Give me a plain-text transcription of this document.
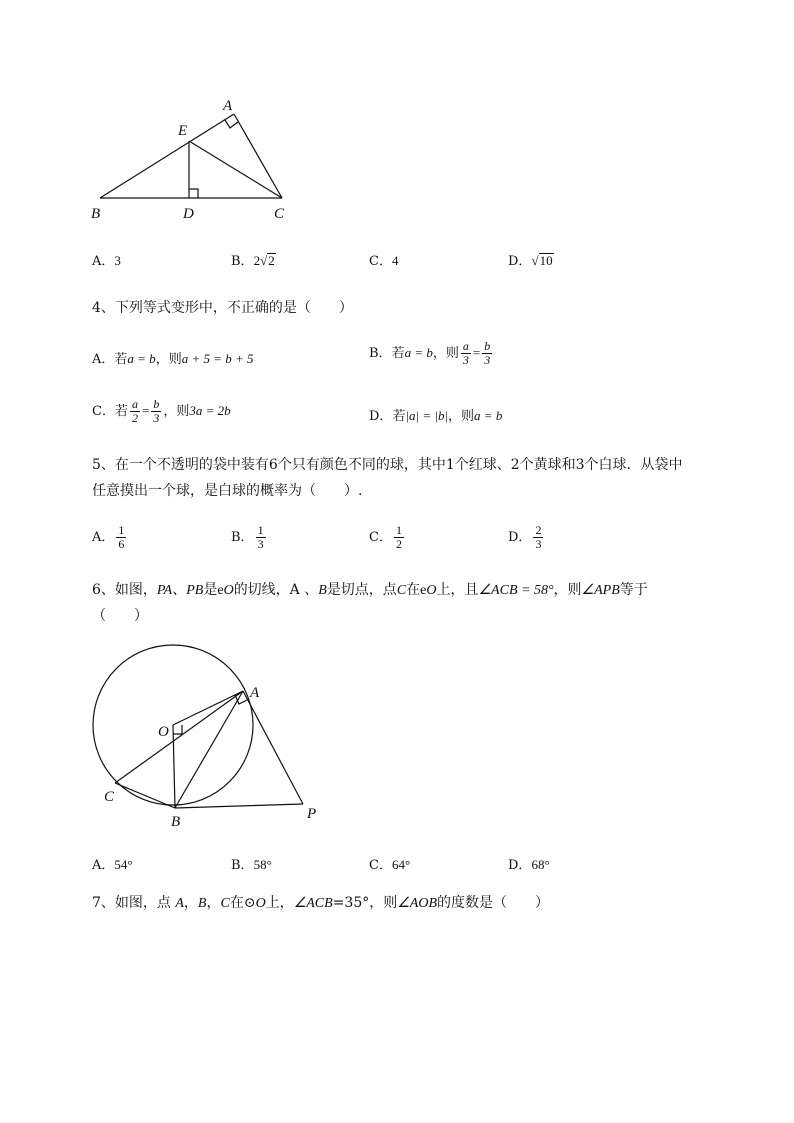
A
E
B	D	C
A．3	B．2√2	C．4	D．√10
4、下列等式变形中，不正确的是（　　）
A．若a = b，则a + 5 = b + 5	B．若a = b，则 $\frac{a}{3} = \frac{b}{3}$
C．若 $\frac{a}{2} = \frac{b}{3}$ ，则3a = 2b	D．若|a| = |b|，则a = b
5、在一个不透明的袋中装有6个只有颜色不同的球，其中1个红球、2个黄球和3个白球．从袋中
任意摸出一个球，是白球的概率为（　　）.
A． $\frac{1}{6}$	B． $\frac{1}{3}$	C． $\frac{1}{2}$	D． $\frac{2}{3}$
6、如图，PA、PB是eO的切线，A 、B是切点，点C在eO上，且∠ACB = 58°，则∠APB等于
（　　）
A
O
C
B	P
A．54°	B．58°	C．64°	D．68°
7、如图，点 A，B，C在⊙O上，∠ACB=35°，则∠AOB的度数是（　　）
